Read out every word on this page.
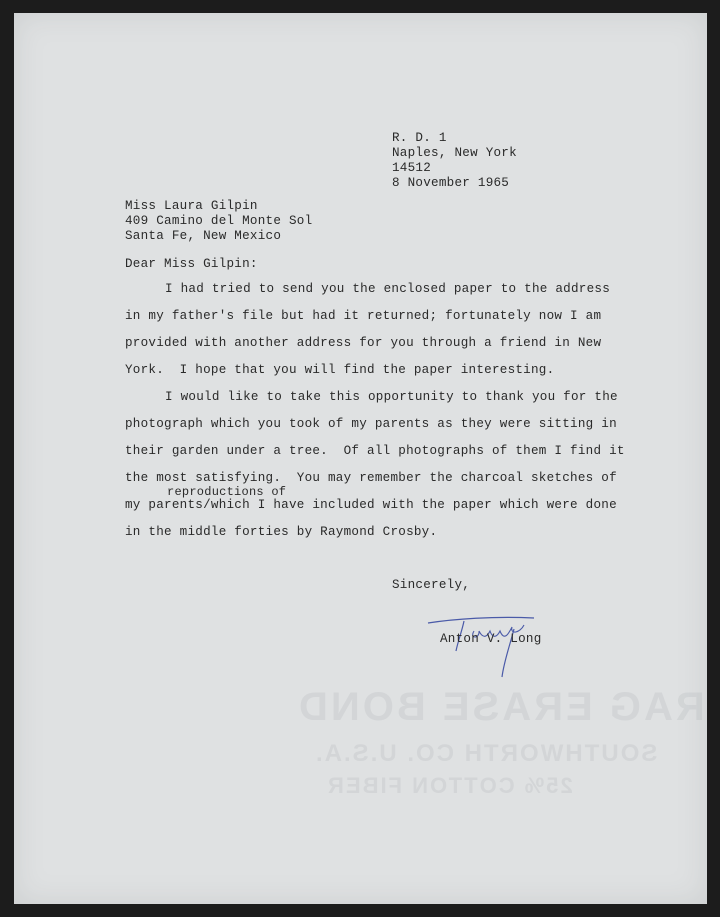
R. D. 1
Naples, New York
14512
8 November 1965
Miss Laura Gilpin
409 Camino del Monte Sol
Santa Fe, New Mexico
Dear Miss Gilpin:
I had tried to send you the enclosed paper to the address
in my father's file but had it returned; fortunately now I am
provided with another address for you through a friend in New
York.  I hope that you will find the paper interesting.
I would like to take this opportunity to thank you for the
photograph which you took of my parents as they were sitting in
their garden under a tree.  Of all photographs of them I find it
the most satisfying.  You may remember the charcoal sketches of
reproductions of
my parents/which I have included with the paper which were done
in the middle forties by Raymond Crosby.
Sincerely,
Anton V. Long
RAG ERASE BOND
SOUTHWORTH CO. U.S.A.
25% COTTON FIBER
